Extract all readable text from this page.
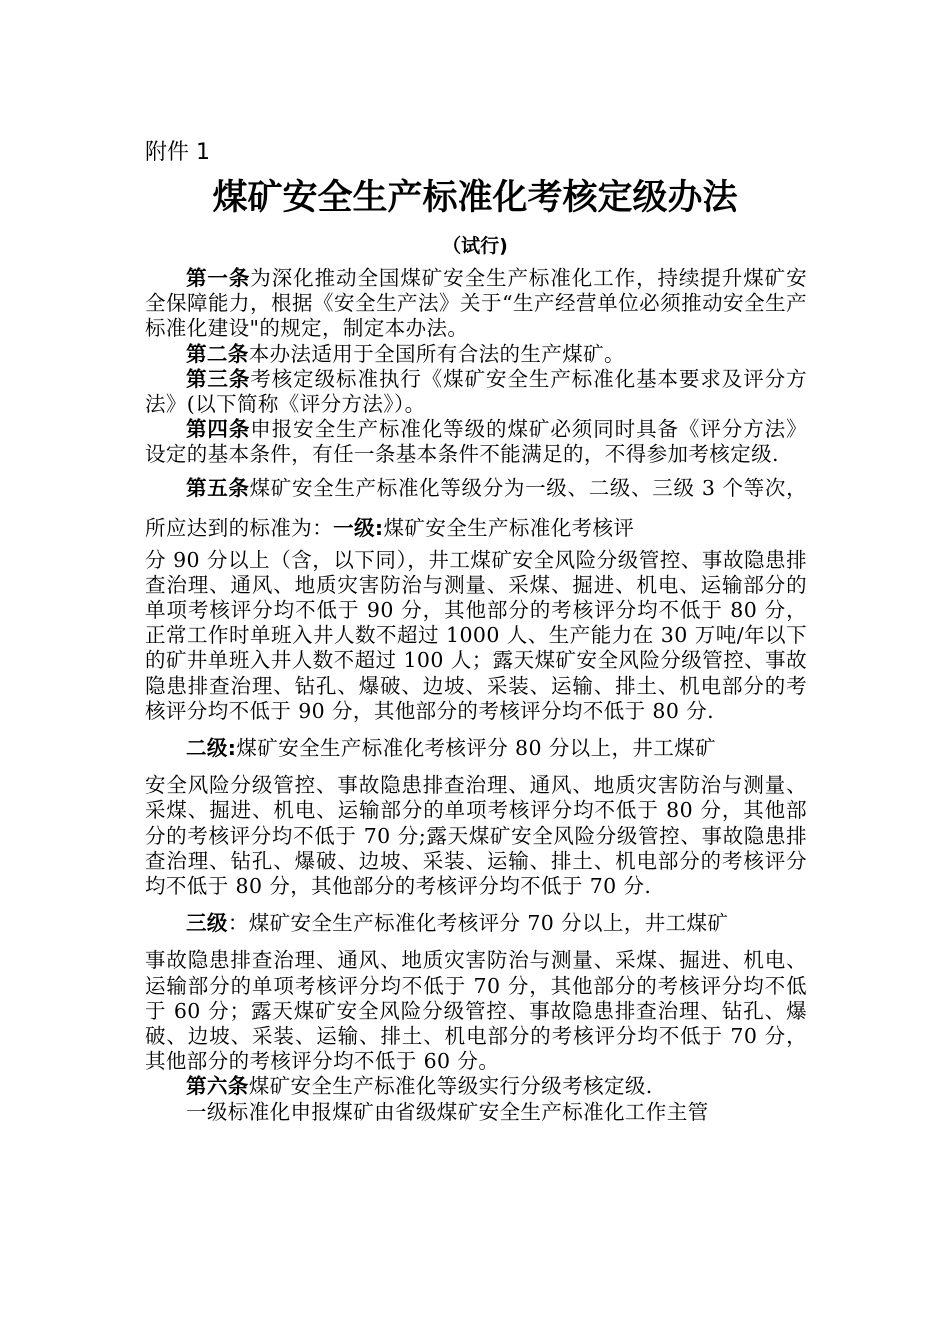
附件 1
煤矿安全生产标准化考核定级办法
（试行)

第一条为深化推动全国煤矿安全生产标准化工作，持续提升煤矿安全保障能力，根据《安全生产法》关于“生产经营单位必须推动安全生产标准化建设"的规定，制定本办法。

第二条本办法适用于全国所有合法的生产煤矿。

第三条考核定级标准执行《煤矿安全生产标准化基本要求及评分方法》(以下简称《评分方法》）。

第四条申报安全生产标准化等级的煤矿必须同时具备《评分方法》设定的基本条件，有任一条基本条件不能满足的，不得参加考核定级.

第五条煤矿安全生产标准化等级分为一级、二级、三级 3 个等次，所应达到的标准为：一级:煤矿安全生产标准化考核评

分 90 分以上（含，以下同），井工煤矿安全风险分级管控、事故隐患排查治理、通风、地质灾害防治与测量、采煤、掘进、机电、运输部分的单项考核评分均不低于 90 分，其他部分的考核评分均不低于 80 分，正常工作时单班入井人数不超过 1000 人、生产能力在 30 万吨/年以下的矿井单班入井人数不超过 100 人；露天煤矿安全风险分级管控、事故隐患排查治理、钻孔、爆破、边坡、采装、运输、排土、机电部分的考核评分均不低于 90 分，其他部分的考核评分均不低于 80 分.

二级:煤矿安全生产标准化考核评分 80 分以上，井工煤矿

安全风险分级管控、事故隐患排查治理、通风、地质灾害防治与测量、采煤、掘进、机电、运输部分的单项考核评分均不低于 80 分，其他部分的考核评分均不低于 70 分;露天煤矿安全风险分级管控、事故隐患排查治理、钻孔、爆破、边坡、采装、运输、排土、机电部分的考核评分均不低于 80 分，其他部分的考核评分均不低于 70 分.

三级：煤矿安全生产标准化考核评分 70 分以上，井工煤矿

事故隐患排查治理、通风、地质灾害防治与测量、采煤、掘进、机电、运输部分的单项考核评分均不低于 70 分，其他部分的考核评分均不低于 60 分；露天煤矿安全风险分级管控、事故隐患排查治理、钻孔、爆破、边坡、采装、运输、排土、机电部分的考核评分均不低于 70 分，其他部分的考核评分均不低于 60 分。

第六条煤矿安全生产标准化等级实行分级考核定级.

一级标准化申报煤矿由省级煤矿安全生产标准化工作主管
